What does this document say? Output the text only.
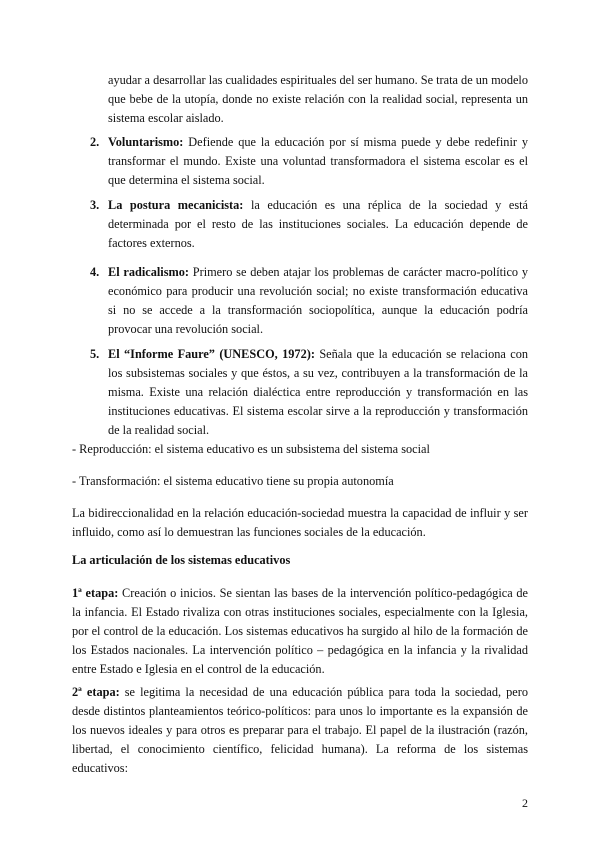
ayudar a desarrollar las cualidades espirituales del ser humano. Se trata de un modelo que bebe de la utopía, donde no existe relación con la realidad social, representa un sistema escolar aislado.

2. Voluntarismo: Defiende que la educación por sí misma puede y debe redefinir y transformar el mundo. Existe una voluntad transformadora el sistema escolar es el que determina el sistema social.

3. La postura mecanicista: la educación es una réplica de la sociedad y está determinada por el resto de las instituciones sociales. La educación depende de factores externos.

4. El radicalismo: Primero se deben atajar los problemas de carácter macro-político y económico para producir una revolución social; no existe transformación educativa si no se accede a la transformación sociopolítica, aunque la educación podría provocar una revolución social.

5. El “Informe Faure” (UNESCO, 1972): Señala que la educación se relaciona con los subsistemas sociales y que éstos, a su vez, contribuyen a la transformación de la misma. Existe una relación dialéctica entre reproducción y transformación en las instituciones educativas. El sistema escolar sirve a la reproducción y transformación de la realidad social.

- Reproducción: el sistema educativo es un subsistema del sistema social

- Transformación: el sistema educativo tiene su propia autonomía

La bidireccionalidad en la relación educación-sociedad muestra la capacidad de influir y ser influido, como así lo demuestran las funciones sociales de la educación.

La articulación de los sistemas educativos

1ª etapa: Creación o inicios. Se sientan las bases de la intervención político-pedagógica de la infancia. El Estado rivaliza con otras instituciones sociales, especialmente con la Iglesia, por el control de la educación. Los sistemas educativos ha surgido al hilo de la formación de los Estados nacionales. La intervención político – pedagógica en la infancia y la rivalidad entre Estado e Iglesia en el control de la educación.

2ª etapa: se legitima la necesidad de una educación pública para toda la sociedad, pero desde distintos planteamientos teórico-políticos: para unos lo importante es la expansión de los nuevos ideales y para otros es preparar para el trabajo. El papel de la ilustración (razón, libertad, el conocimiento científico, felicidad humana). La reforma de los sistemas educativos:

2
